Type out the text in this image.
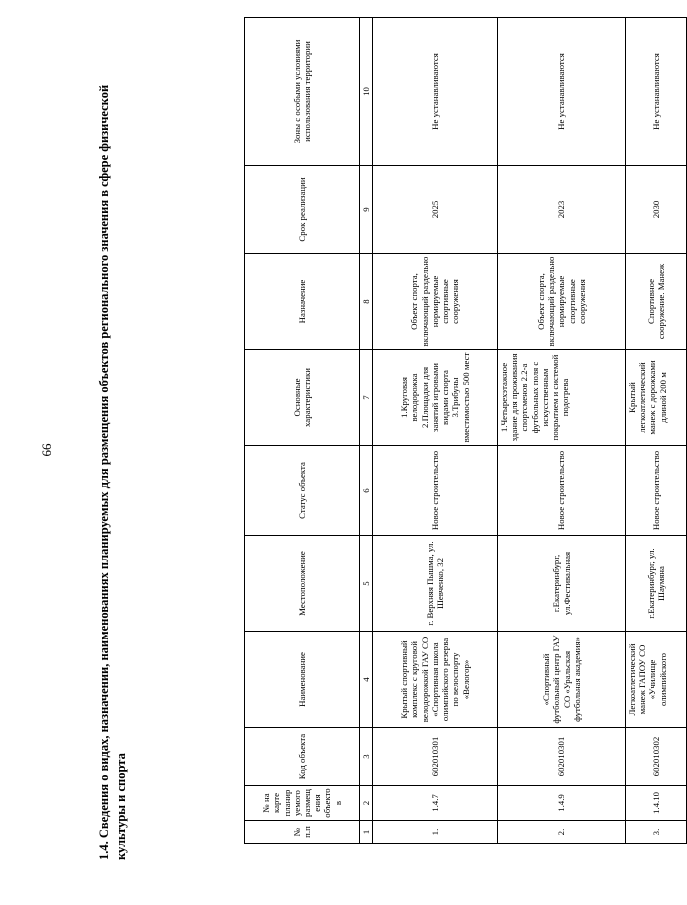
66	1.4. Сведения о видах, назначении, наименованиях планируемых для размещения объектов регионального значения в сфере физической культуры и спорта	№ п.п	№ на карте планируемого размещения объектов	Код объекта	Наименование	Местоположение	Статус объекта	Основные характеристики	Назначение	Срок реализации	Зоны с особыми условиями использования территории
1	2	3	4	5	6	7	8	9	10
1.	1.4.7	602010301	Крытый спортивный комплекс с круговой велодорожкой ГАУ СО «Спортивная школа олимпийского резерва по велоспорту «Велогор»	г. Верхняя Пышма, ул. Шевченко, 32	Новое строительство	1.Круговая велодорожка 2.Площадки для занятий игровыми видами спорта 3.Трибуны вместимостью 500 мест	Объект спорта, включающий раздельно нормируемые спортивные сооружения	2025	Не устанавливаются
2.	1.4.9	602010301	«Спортивный футбольный центр ГАУ СО «Уральская футбольная академия»	г.Екатеринбург, ул.Фестивальная	Новое строительство	1.Четырехэтажное здание для проживания спортсменов 2.2-а футбольных поля с искусственным покрытием и системой подогрева	Объект спорта, включающий раздельно нормируемые спортивные сооружения	2023	Не устанавливаются
3.	1.4.10	602010302	Легкоатлетический манеж ГАПОУ СО «Училище олимпийского	г.Екатеринбург, ул. Шаумяна	Новое строительство	Крытый легкоатлетический манеж с дорожками длиной 200 м	Спортивное сооружение. Манеж	2030	Не устанавливаются
